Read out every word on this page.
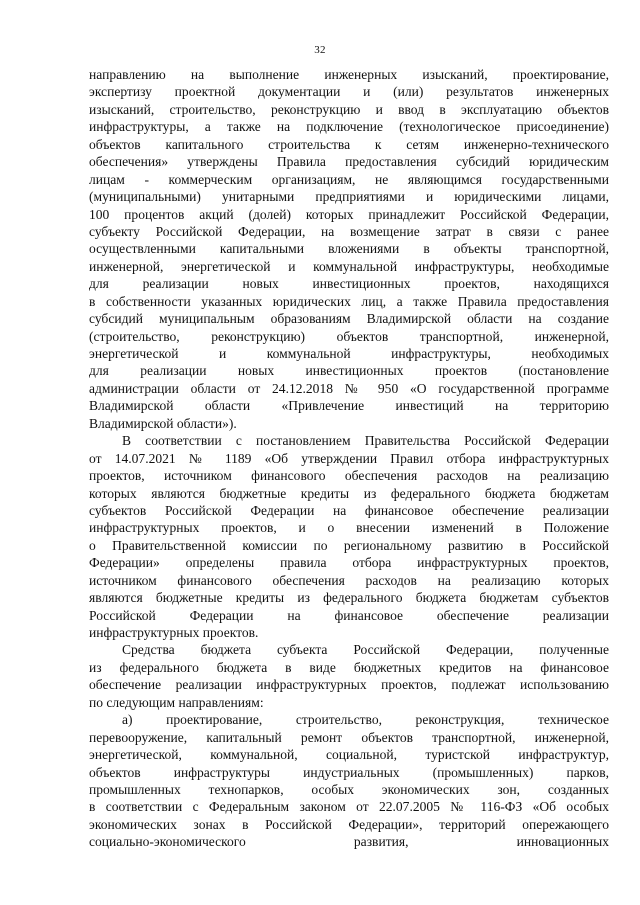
32
направлению на выполнение инженерных изысканий, проектирование,
экспертизу проектной документации и (или) результатов инженерных
изысканий, строительство, реконструкцию и ввод в эксплуатацию объектов
инфраструктуры, а также на подключение (технологическое присоединение)
объектов капитального строительства к сетям инженерно-технического
обеспечения» утверждены Правила предоставления субсидий юридическим
лицам - коммерческим организациям, не являющимся государственными
(муниципальными) унитарными предприятиями и юридическими лицами,
100 процентов акций (долей) которых принадлежит Российской Федерации,
субъекту Российской Федерации, на возмещение затрат в связи с ранее
осуществленными капитальными вложениями в объекты транспортной,
инженерной, энергетической и коммунальной инфраструктуры, необходимые
для реализации новых инвестиционных проектов, находящихся
в собственности указанных юридических лиц, а также Правила предоставления
субсидий муниципальным образованиям Владимирской области на создание
(строительство, реконструкцию) объектов транспортной, инженерной,
энергетической и коммунальной инфраструктуры, необходимых
для реализации новых инвестиционных проектов (постановление
администрации области от 24.12.2018 № 950 «О государственной программе
Владимирской области «Привлечение инвестиций на территорию
Владимирской области»).
В соответствии с постановлением Правительства Российской Федерации
от 14.07.2021 № 1189 «Об утверждении Правил отбора инфраструктурных
проектов, источником финансового обеспечения расходов на реализацию
которых являются бюджетные кредиты из федерального бюджета бюджетам
субъектов Российской Федерации на финансовое обеспечение реализации
инфраструктурных проектов, и о внесении изменений в Положение
о Правительственной комиссии по региональному развитию в Российской
Федерации» определены правила отбора инфраструктурных проектов,
источником финансового обеспечения расходов на реализацию которых
являются бюджетные кредиты из федерального бюджета бюджетам субъектов
Российской Федерации на финансовое обеспечение реализации
инфраструктурных проектов.
Средства бюджета субъекта Российской Федерации, полученные
из федерального бюджета в виде бюджетных кредитов на финансовое
обеспечение реализации инфраструктурных проектов, подлежат использованию
по следующим направлениям:
а) проектирование, строительство, реконструкция, техническое
перевооружение, капитальный ремонт объектов транспортной, инженерной,
энергетической, коммунальной, социальной, туристской инфраструктур,
объектов инфраструктуры индустриальных (промышленных) парков,
промышленных технопарков, особых экономических зон, созданных
в соответствии с Федеральным законом от 22.07.2005 № 116-ФЗ «Об особых
экономических зонах в Российской Федерации», территорий опережающего
социально-экономического развития, инновационных
